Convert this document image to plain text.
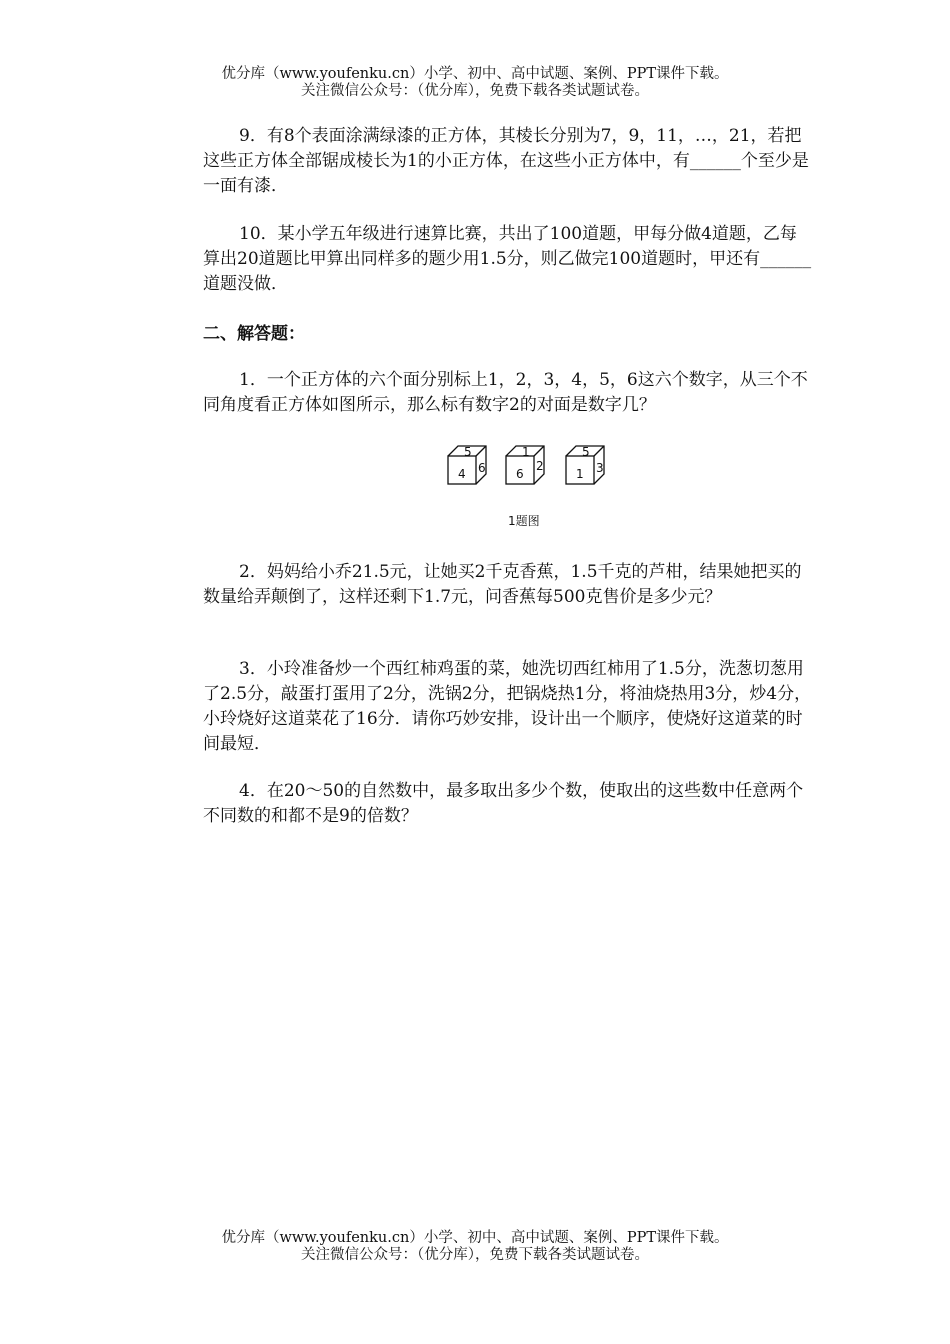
优分库（www.youfenku.cn）小学、初中、高中试题、案例、PPT课件下载。
关注微信公众号：（优分库），免费下载各类试题试卷。
9．有8个表面涂满绿漆的正方体，其棱长分别为7，9，11，…，21，若把这些正方体全部锯成棱长为1的小正方体，在这些小正方体中，有______个至少是一面有漆．
10．某小学五年级进行速算比赛，共出了100道题，甲每分做4道题，乙每算出20道题比甲算出同样多的题少用1.5分，则乙做完100道题时，甲还有______道题没做．
二、解答题：
1．一个正方体的六个面分别标上1，2，3，4，5，6这六个数字，从三个不同角度看正方体如图所示，那么标有数字2的对面是数字几？
5
4 6
1
6
2
5
1 3
1题图
2．妈妈给小乔21.5元，让她买2千克香蕉，1.5千克的芦柑，结果她把买的数量给弄颠倒了，这样还剩下1.7元，问香蕉每500克售价是多少元？
3．小玲准备炒一个西红柿鸡蛋的菜，她洗切西红柿用了1.5分，洗葱切葱用了2.5分，敲蛋打蛋用了2分，洗锅2分，把锅烧热1分，将油烧热用3分，炒4分，小玲烧好这道菜花了16分．请你巧妙安排，设计出一个顺序，使烧好这道菜的时间最短．
4．在20～50的自然数中，最多取出多少个数，使取出的这些数中任意两个不同数的和都不是9的倍数？
优分库（www.youfenku.cn）小学、初中、高中试题、案例、PPT课件下载。
关注微信公众号：（优分库），免费下载各类试题试卷。
